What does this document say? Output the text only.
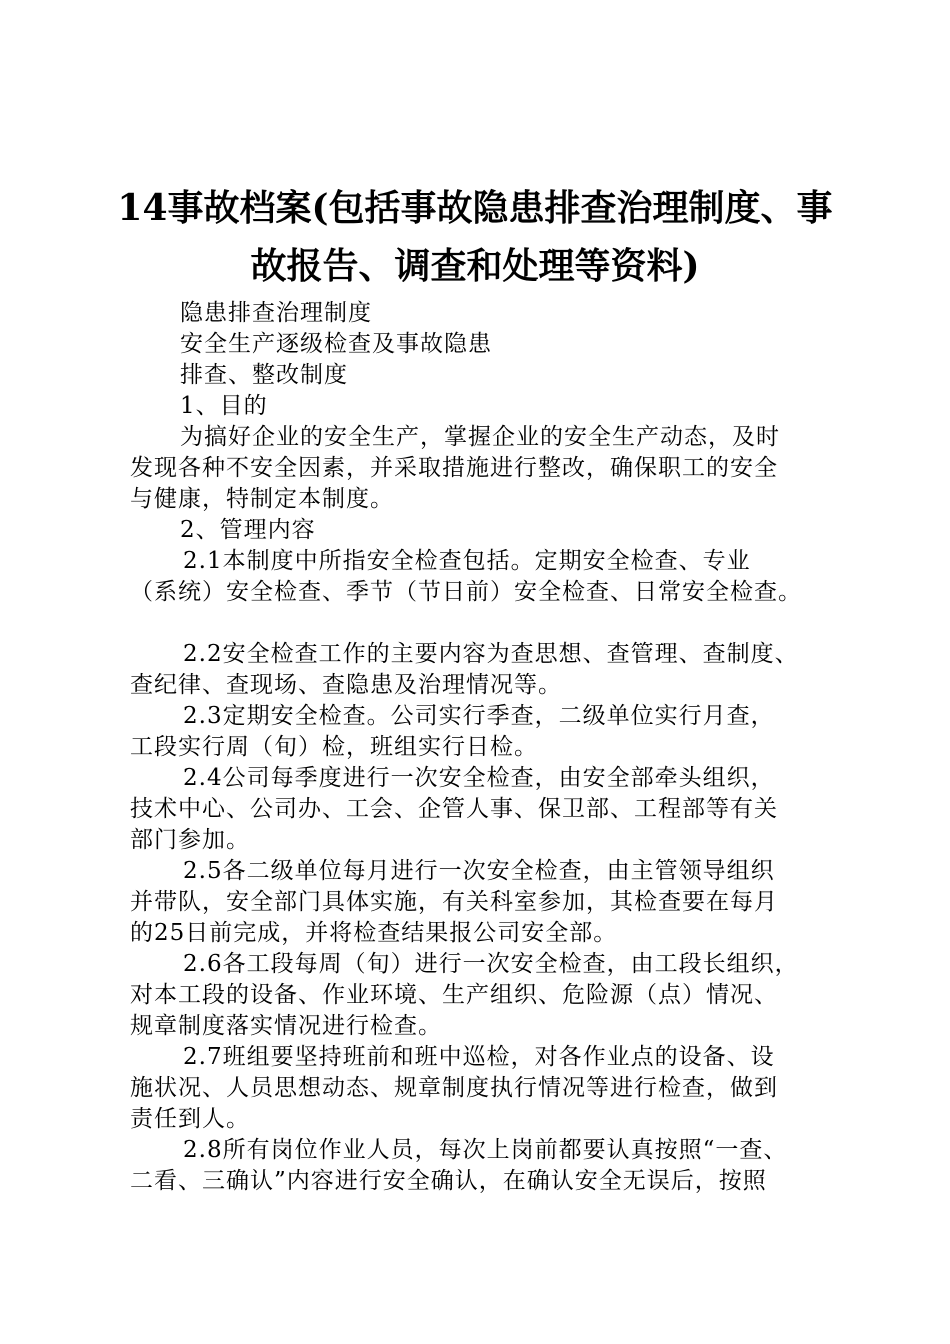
14事故档案(包括事故隐患排查治理制度、事
故报告、调查和处理等资料)
隐患排查治理制度
安全生产逐级检查及事故隐患
排查、整改制度
1、目的
为搞好企业的安全生产，掌握企业的安全生产动态，及时
发现各种不安全因素，并采取措施进行整改，确保职工的安全
与健康，特制定本制度。
2、管理内容
2.1本制度中所指安全检查包括。定期安全检查、专业
（系统）安全检查、季节（节日前）安全检查、日常安全检查。
2.2安全检查工作的主要内容为查思想、查管理、查制度、
查纪律、查现场、查隐患及治理情况等。
2.3定期安全检查。公司实行季查，二级单位实行月查，
工段实行周（旬）检，班组实行日检。
2.4公司每季度进行一次安全检查，由安全部牵头组织，
技术中心、公司办、工会、企管人事、保卫部、工程部等有关
部门参加。
2.5各二级单位每月进行一次安全检查，由主管领导组织
并带队，安全部门具体实施，有关科室参加，其检查要在每月
的25日前完成，并将检查结果报公司安全部。
2.6各工段每周（旬）进行一次安全检查，由工段长组织，
对本工段的设备、作业环境、生产组织、危险源（点）情况、
规章制度落实情况进行检查。
2.7班组要坚持班前和班中巡检，对各作业点的设备、设
施状况、人员思想动态、规章制度执行情况等进行检查，做到
责任到人。
2.8所有岗位作业人员，每次上岗前都要认真按照“一查、
二看、三确认”内容进行安全确认，在确认安全无误后，按照
